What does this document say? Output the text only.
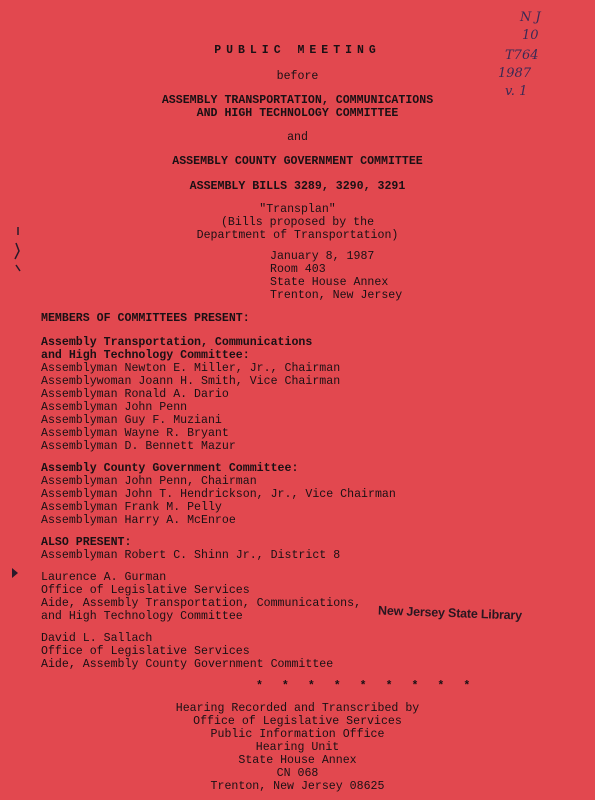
N J
10
T764
1987
v. 1
PUBLIC MEETING
before
ASSEMBLY TRANSPORTATION, COMMUNICATIONS
AND HIGH TECHNOLOGY COMMITTEE
and
ASSEMBLY COUNTY GOVERNMENT COMMITTEE
ASSEMBLY BILLS 3289, 3290, 3291
"Transplan"
(Bills proposed by the
Department of Transportation)
January 8, 1987
Room 403
State House Annex
Trenton, New Jersey
MEMBERS OF COMMITTEES PRESENT:
Assembly Transportation, Communications
and High Technology Committee:
Assemblyman Newton E. Miller, Jr., Chairman
Assemblywoman Joann H. Smith, Vice Chairman
Assemblyman Ronald A. Dario
Assemblyman John Penn
Assemblyman Guy F. Muziani
Assemblyman Wayne R. Bryant
Assemblyman D. Bennett Mazur
Assembly County Government Committee:
Assemblyman John Penn, Chairman
Assemblyman John T. Hendrickson, Jr., Vice Chairman
Assemblyman Frank M. Pelly
Assemblyman Harry A. McEnroe
ALSO PRESENT:
Assemblyman Robert C. Shinn Jr., District 8
Laurence A. Gurman
Office of Legislative Services
Aide, Assembly Transportation, Communications,
and High Technology Committee	New Jersey State Library
David L. Sallach
Office of Legislative Services
Aide, Assembly County Government Committee
* * * * * * * * *
Hearing Recorded and Transcribed by
Office of Legislative Services
Public Information Office
Hearing Unit
State House Annex
CN 068
Trenton, New Jersey 08625
